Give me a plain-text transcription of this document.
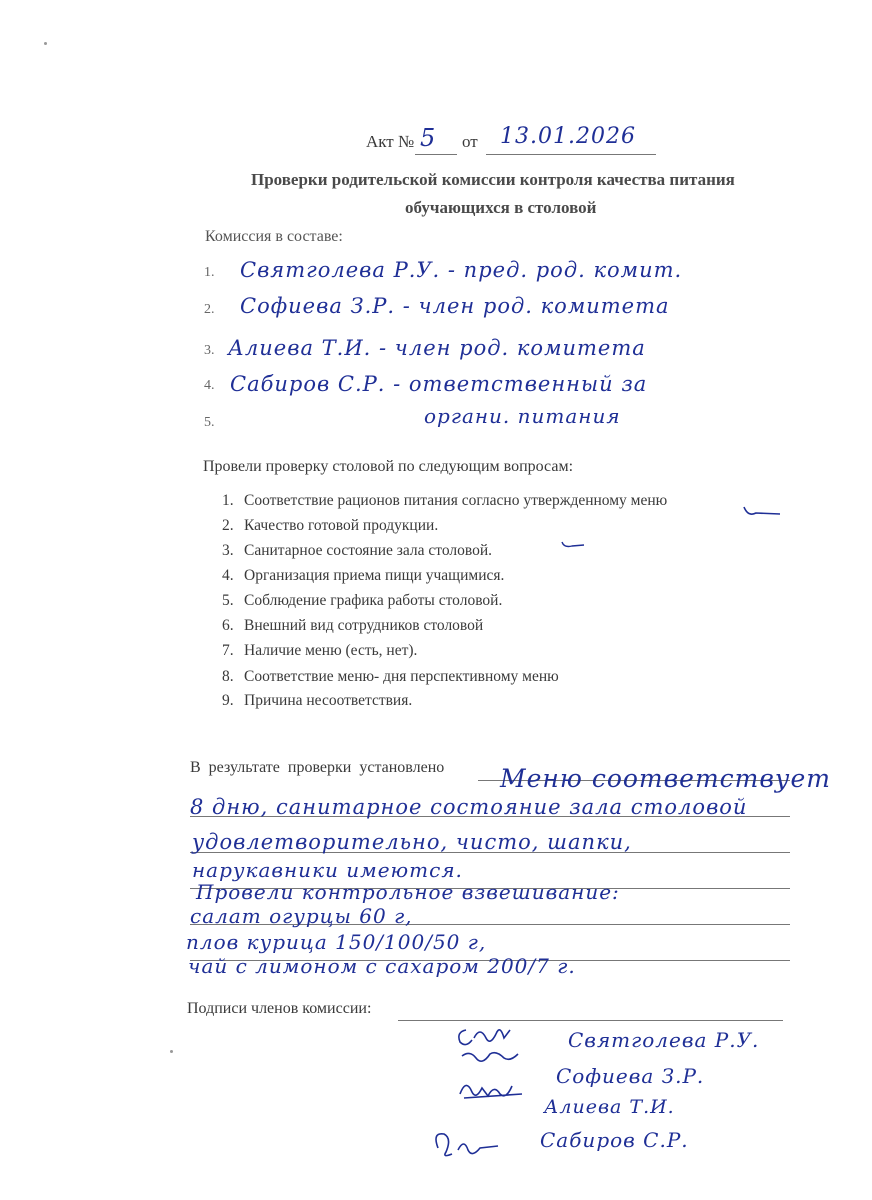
Акт № 5 от 13.01.2026
Проверки родительской комиссии контроля качества питания
обучающихся в столовой
Комиссия в составе:
1. Святголева Р.У. - пред. род. комит.
2. Софиева З.Р. - член род. комитета
3. Алиева Т.И. - член род. комитета
4. Сабиров С.Р. - ответственный за
5.	органи. питания
Провели проверку столовой по следующим вопросам:
1. Соответствие рационов питания согласно утвержденному меню
2. Качество готовой продукции.
3. Санитарное состояние зала столовой.
4. Организация приема пищи учащимися.
5. Соблюдение графика работы столовой.
6. Внешний вид сотрудников столовой
7. Наличие меню (есть, нет).
8. Соответствие меню- дня перспективному меню
9. Причина несоответствия.
В результате проверки установлено Меню соответствует
8 дню, санитарное состояние зала столовой
удовлетворительно, чисто, шапки,
нарукавники имеются.
Провели контрольное взвешивание:
салат огурцы 60 г,
плов курица 150/100/50 г,
чай с лимоном с сахаром 200/7 г.
Подписи членов комиссии:
Святголева Р.У.
Софиева З.Р.
Алиева Т.И.
Сабиров С.Р.
